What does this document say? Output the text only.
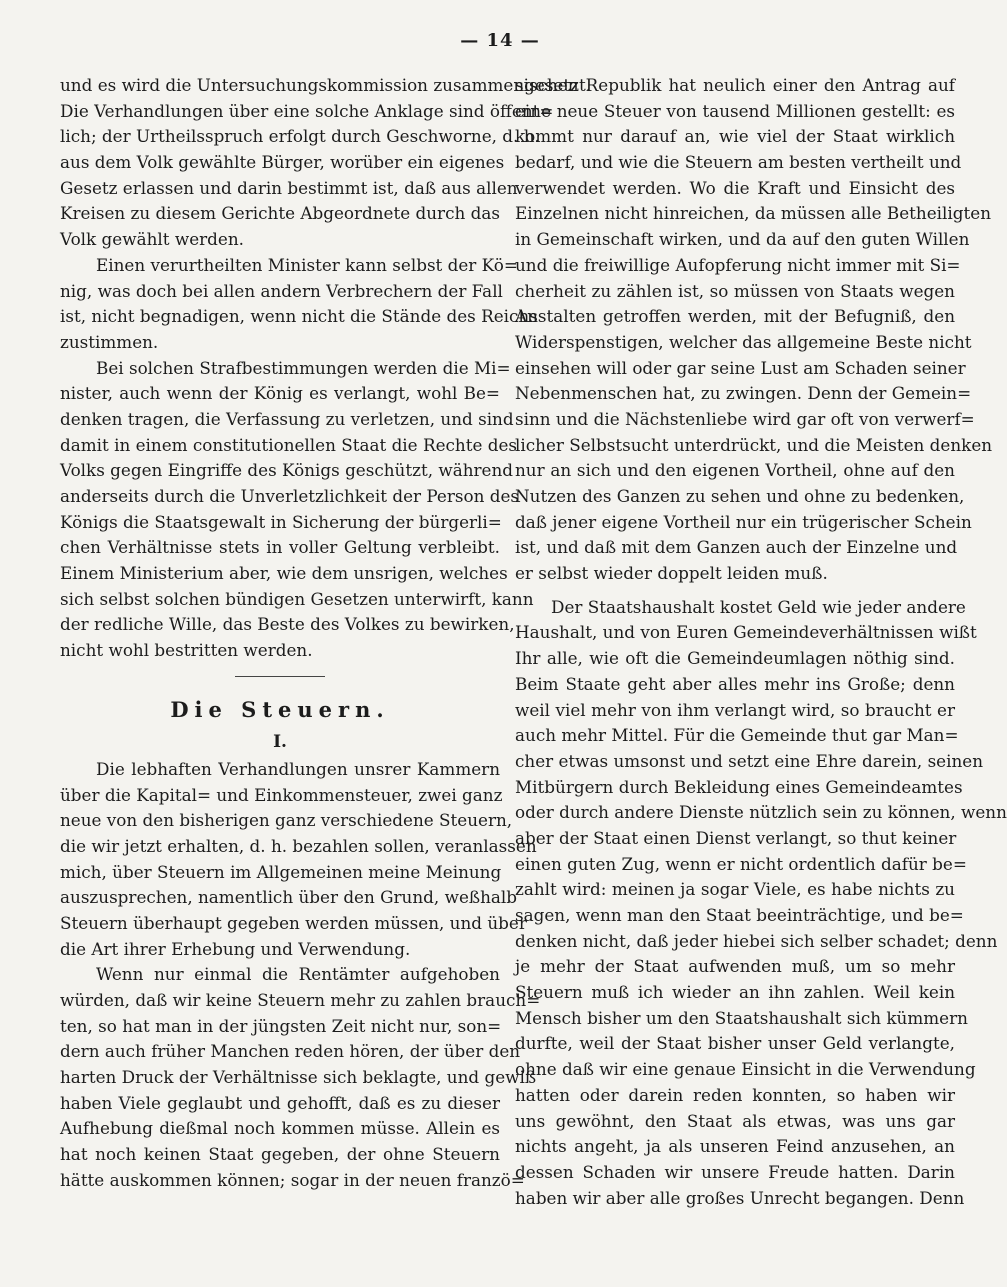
— 14 —
und es wird die Untersuchungskommission zusammengesetzt.
Die Verhandlungen über eine solche Anklage sind öffent=
lich; der Urtheilsspruch erfolgt durch Geschworne, d. h.
aus dem Volk gewählte Bürger, worüber ein eigenes
Gesetz erlassen und darin bestimmt ist, daß aus allen
Kreisen zu diesem Gerichte Abgeordnete durch das
Volk gewählt werden.
Einen verurtheilten Minister kann selbst der Kö=
nig, was doch bei allen andern Verbrechern der Fall
ist, nicht begnadigen, wenn nicht die Stände des Reichs
zustimmen.
Bei solchen Strafbestimmungen werden die Mi=
nister, auch wenn der König es verlangt, wohl Be=
denken tragen, die Verfassung zu verletzen, und sind
damit in einem constitutionellen Staat die Rechte des
Volks gegen Eingriffe des Königs geschützt, während
anderseits durch die Unverletzlichkeit der Person des
Königs die Staatsgewalt in Sicherung der bürgerli=
chen Verhältnisse stets in voller Geltung verbleibt.
Einem Ministerium aber, wie dem unsrigen, welches
sich selbst solchen bündigen Gesetzen unterwirft, kann
der redliche Wille, das Beste des Volkes zu bewirken,
nicht wohl bestritten werden.
Die Steuern.
I.
Die lebhaften Verhandlungen unsrer Kammern
über die Kapital= und Einkommensteuer, zwei ganz
neue von den bisherigen ganz verschiedene Steuern,
die wir jetzt erhalten, d. h. bezahlen sollen, veranlassen
mich, über Steuern im Allgemeinen meine Meinung
auszusprechen, namentlich über den Grund, weßhalb
Steuern überhaupt gegeben werden müssen, und über
die Art ihrer Erhebung und Verwendung.
Wenn nur einmal die Rentämter aufgehoben
würden, daß wir keine Steuern mehr zu zahlen brauch=
ten, so hat man in der jüngsten Zeit nicht nur, son=
dern auch früher Manchen reden hören, der über den
harten Druck der Verhältnisse sich beklagte, und gewiß
haben Viele geglaubt und gehofft, daß es zu dieser
Aufhebung dießmal noch kommen müsse. Allein es
hat noch keinen Staat gegeben, der ohne Steuern
hätte auskommen können; sogar in der neuen franzö=
sischen Republik hat neulich einer den Antrag auf
eine neue Steuer von tausend Millionen gestellt: es
kommt nur darauf an, wie viel der Staat wirklich
bedarf, und wie die Steuern am besten vertheilt und
verwendet werden. Wo die Kraft und Einsicht des
Einzelnen nicht hinreichen, da müssen alle Betheiligten
in Gemeinschaft wirken, und da auf den guten Willen
und die freiwillige Aufopferung nicht immer mit Si=
cherheit zu zählen ist, so müssen von Staats wegen
Anstalten getroffen werden, mit der Befugniß, den
Widerspenstigen, welcher das allgemeine Beste nicht
einsehen will oder gar seine Lust am Schaden seiner
Nebenmenschen hat, zu zwingen. Denn der Gemein=
sinn und die Nächstenliebe wird gar oft von verwerf=
licher Selbstsucht unterdrückt, und die Meisten denken
nur an sich und den eigenen Vortheil, ohne auf den
Nutzen des Ganzen zu sehen und ohne zu bedenken,
daß jener eigene Vortheil nur ein trügerischer Schein
ist, und daß mit dem Ganzen auch der Einzelne und
er selbst wieder doppelt leiden muß.
Der Staatshaushalt kostet Geld wie jeder andere
Haushalt, und von Euren Gemeindeverhältnissen wißt
Ihr alle, wie oft die Gemeindeumlagen nöthig sind.
Beim Staate geht aber alles mehr ins Große; denn
weil viel mehr von ihm verlangt wird, so braucht er
auch mehr Mittel. Für die Gemeinde thut gar Man=
cher etwas umsonst und setzt eine Ehre darein, seinen
Mitbürgern durch Bekleidung eines Gemeindeamtes
oder durch andere Dienste nützlich sein zu können, wenn
aber der Staat einen Dienst verlangt, so thut keiner
einen guten Zug, wenn er nicht ordentlich dafür be=
zahlt wird: meinen ja sogar Viele, es habe nichts zu
sagen, wenn man den Staat beeinträchtige, und be=
denken nicht, daß jeder hiebei sich selber schadet; denn
je mehr der Staat aufwenden muß, um so mehr
Steuern muß ich wieder an ihn zahlen. Weil kein
Mensch bisher um den Staatshaushalt sich kümmern
durfte, weil der Staat bisher unser Geld verlangte,
ohne daß wir eine genaue Einsicht in die Verwendung
hatten oder darein reden konnten, so haben wir
uns gewöhnt, den Staat als etwas, was uns gar
nichts angeht, ja als unseren Feind anzusehen, an
dessen Schaden wir unsere Freude hatten. Darin
haben wir aber alle großes Unrecht begangen. Denn
